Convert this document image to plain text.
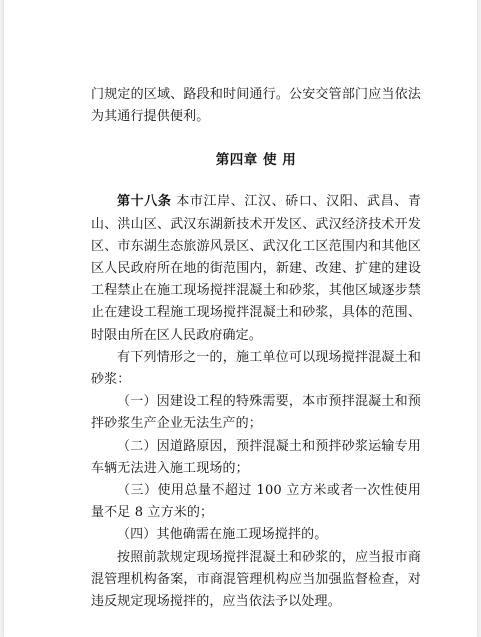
门规定的区域、路段和时间通行。公安交管部门应当依法为其通行提供便利。

第四章 使 用

第十八条 本市江岸、江汉、硚口、汉阳、武昌、青山、洪山区、武汉东湖新技术开发区、武汉经济技术开发区、市东湖生态旅游风景区、武汉化工区范围内和其他区区人民政府所在地的街范围内，新建、改建、扩建的建设工程禁止在施工现场搅拌混凝土和砂浆，其他区域逐步禁止在建设工程施工现场搅拌混凝土和砂浆，具体的范围、时限由所在区人民政府确定。

有下列情形之一的，施工单位可以现场搅拌混凝土和砂浆：

（一）因建设工程的特殊需要，本市预拌混凝土和预拌砂浆生产企业无法生产的；

（二）因道路原因，预拌混凝土和预拌砂浆运输专用车辆无法进入施工现场的；

（三）使用总量不超过 100 立方米或者一次性使用量不足 8 立方米的；

（四）其他确需在施工现场搅拌的。

按照前款规定现场搅拌混凝土和砂浆的，应当报市商混管理机构备案，市商混管理机构应当加强监督检查，对违反规定现场搅拌的，应当依法予以处理。
